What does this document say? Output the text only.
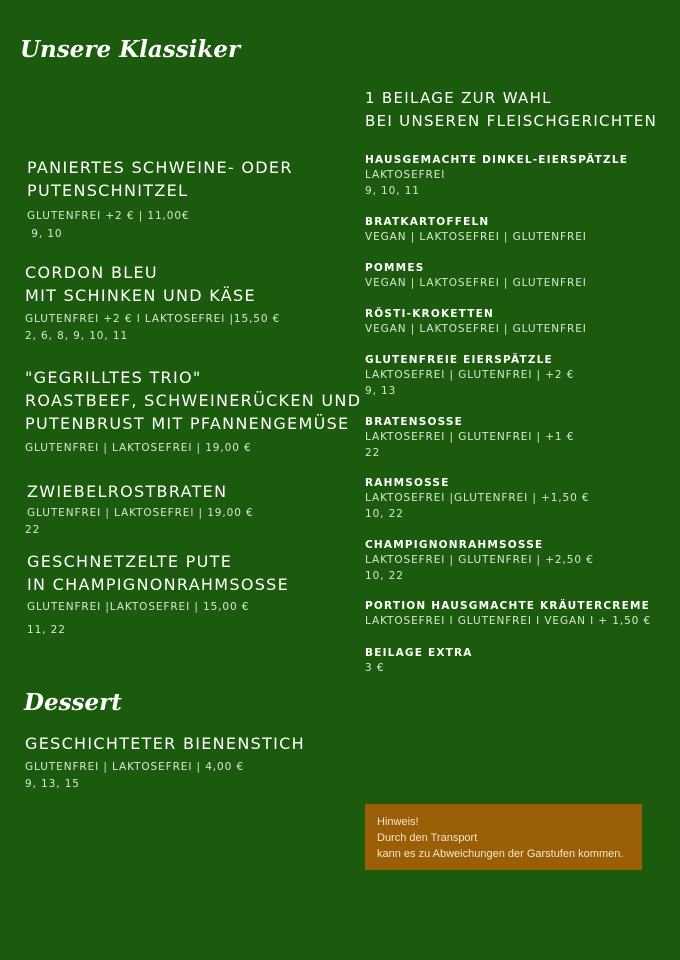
Unsere Klassiker
PANIERTES SCHWEINE- ODER
PUTENSCHNITZEL
GLUTENFREI +2 € | 11,00€
9, 10
CORDON BLEU
MIT SCHINKEN UND KÄSE
GLUTENFREI +2 € I LAKTOSEFREI |15,50 €
2, 6, 8, 9, 10, 11
"GEGRILLTES TRIO"
ROASTBEEF, SCHWEINERÜCKEN UND
PUTENBRUST MIT PFANNENGEMÜSE
GLUTENFREI | LAKTOSEFREI | 19,00 €
ZWIEBELROSTBRATEN
GLUTENFREI | LAKTOSEFREI | 19,00 €
22
GESCHNETZELTE PUTE
IN CHAMPIGNONRAHMSOSSE
GLUTENFREI |LAKTOSEFREI | 15,00 €
11, 22
Dessert
GESCHICHTETER BIENENSTICH
GLUTENFREI | LAKTOSEFREI | 4,00 €
9, 13, 15
1 BEILAGE ZUR WAHL
BEI UNSEREN FLEISCHGERICHTEN
HAUSGEMACHTE DINKEL-EIERSPÄTZLE
LAKTOSEFREI
9, 10, 11
BRATKARTOFFELN
VEGAN | LAKTOSEFREI | GLUTENFREI
POMMES
VEGAN | LAKTOSEFREI | GLUTENFREI
RÖSTI-KROKETTEN
VEGAN | LAKTOSEFREI | GLUTENFREI
GLUTENFREIE EIERSPÄTZLE
LAKTOSEFREI | GLUTENFREI | +2 €
9, 13
BRATENSOSSE
LAKTOSEFREI | GLUTENFREI | +1 €
22
RAHMSOSSE
LAKTOSEFREI |GLUTENFREI | +1,50 €
10, 22
CHAMPIGNONRAHMSOSSE
LAKTOSEFREI | GLUTENFREI | +2,50 €
10, 22
PORTION HAUSGMACHTE KRÄUTERCREME
LAKTOSEFREI I GLUTENFREI I VEGAN I + 1,50 €
BEILAGE EXTRA
3 €
Hinweis!
Durch den Transport
kann es zu Abweichungen der Garstufen kommen.
